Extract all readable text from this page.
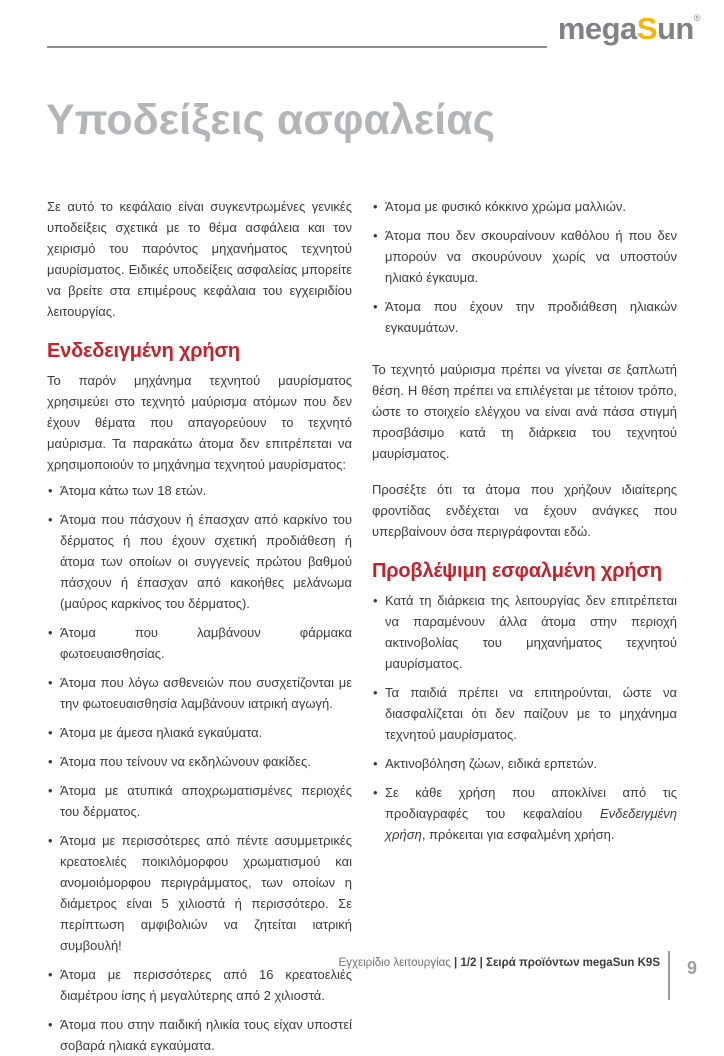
megaSun®
Υποδείξεις ασφαλείας

Σε αυτό το κεφάλαιο είναι συγκεντρωμένες γενικές υποδείξεις σχετικά με το θέμα ασφάλεια και τον χειρισμό του παρόντος μηχανήματος τεχνητού μαυρίσματος. Ειδικές υποδείξεις ασφαλείας μπορείτε να βρείτε στα επιμέρους κεφάλαια του εγχειριδίου λειτουργίας.

Ενδεδειγμένη χρήση

Το παρόν μηχάνημα τεχνητού μαυρίσματος χρησιμεύει στο τεχνητό μαύρισμα ατόμων που δεν έχουν θέματα που απαγορεύουν το τεχνητό μαύρισμα. Τα παρακάτω άτομα δεν επιτρέπεται να χρησιμοποιούν το μηχάνημα τεχνητού μαυρίσματος:

• Άτομα κάτω των 18 ετών.
• Άτομα που πάσχουν ή έπασχαν από καρκίνο του δέρματος ή που έχουν σχετική προδιάθεση ή άτομα των οποίων οι συγγενείς πρώτου βαθμού πάσχουν ή έπασχαν από κακοήθες μελάνωμα (μαύρος καρκίνος του δέρματος).
• Άτομα που λαμβάνουν φάρμακα φωτοευαισθησίας.
• Άτομα που λόγω ασθενειών που συσχετίζονται με την φωτοευαισθησία λαμβάνουν ιατρική αγωγή.
• Άτομα με άμεσα ηλιακά εγκαύματα.
• Άτομα που τείνουν να εκδηλώνουν φακίδες.
• Άτομα με ατυπικά αποχρωματισμένες περιοχές του δέρματος.
• Άτομα με περισσότερες από πέντε ασυμμετρικές κρεατοελιές ποικιλόμορφου χρωματισμού και ανομοιόμορφου περιγράμματος, των οποίων η διάμετρος είναι 5 χιλιοστά ή περισσότερο. Σε περίπτωση αμφιβολιών να ζητείται ιατρική συμβουλή!
• Άτομα με περισσότερες από 16 κρεατοελιές διαμέτρου ίσης ή μεγαλύτερης από 2 χιλιοστά.
• Άτομα που στην παιδική ηλικία τους είχαν υποστεί σοβαρά ηλιακά εγκαύματα.
• Άτομα με φυσικό κόκκινο χρώμα μαλλιών.
• Άτομα που δεν σκουραίνουν καθόλου ή που δεν μπορούν να σκουρύνουν χωρίς να υποστούν ηλιακό έγκαυμα.
• Άτομα που έχουν την προδιάθεση ηλιακών εγκαυμάτων.

Το τεχνητό μαύρισμα πρέπει να γίνεται σε ξαπλωτή θέση. Η θέση πρέπει να επιλέγεται με τέτοιον τρόπο, ώστε το στοιχείο ελέγχου να είναι ανά πάσα στιγμή προσβάσιμο κατά τη διάρκεια του τεχνητού μαυρίσματος.

Προσέξτε ότι τα άτομα που χρήζουν ιδιαίτερης φροντίδας ενδέχεται να έχουν ανάγκες που υπερβαίνουν όσα περιγράφονται εδώ.

Προβλέψιμη εσφαλμένη χρήση
• Κατά τη διάρκεια της λειτουργίας δεν επιτρέπεται να παραμένουν άλλα άτομα στην περιοχή ακτινοβολίας του μηχανήματος τεχνητού μαυρίσματος.
• Τα παιδιά πρέπει να επιτηρούνται, ώστε να διασφαλίζεται ότι δεν παίζουν με το μηχάνημα τεχνητού μαυρίσματος.
• Ακτινοβόληση ζώων, ειδικά ερπετών.
• Σε κάθε χρήση που αποκλίνει από τις προδιαγραφές του κεφαλαίου Ενδεδειγμένη χρήση, πρόκειται για εσφαλμένη χρήση.
Εγχειρίδιο λειτουργίας | 1/2 | Σειρά προϊόντων megaSun K9S 9
